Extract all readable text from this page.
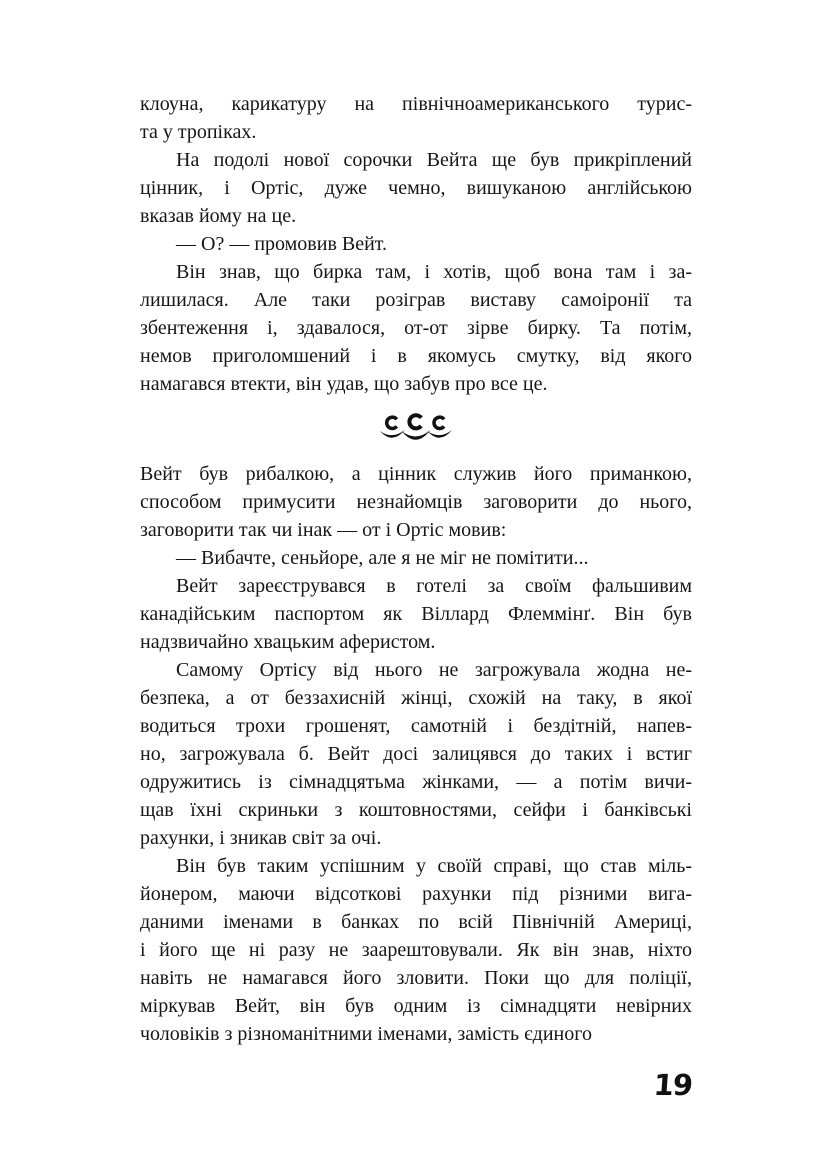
клоуна, карикатуру на північноамериканського турис-
та у тропіках.
На подолі нової сорочки Вейта ще був прикріплений
цінник, і Ортіс, дуже чемно, вишуканою англійською
вказав йому на це.
— О? — промовив Вейт.
Він знав, що бирка там, і хотів, щоб вона там і за-
лишилася. Але таки розіграв виставу самоіронії та
збентеження і, здавалося, от-от зірве бирку. Та потім,
немов приголомшений і в якомусь смутку, від якого
намагався втекти, він удав, що забув про все це.
Вейт був рибалкою, а цінник служив його приманкою,
способом примусити незнайомців заговорити до нього,
заговорити так чи інак — от і Ортіс мовив:
— Вибачте, сеньйоре, але я не міг не помітити...
Вейт зареєструвався в готелі за своїм фальшивим
канадійським паспортом як Віллард Флеммінґ. Він був
надзвичайно хвацьким аферистом.
Самому Ортісу від нього не загрожувала жодна не-
безпека, а от беззахисній жінці, схожій на таку, в якої
водиться трохи грошенят, самотній і бездітній, напев-
но, загрожувала б. Вейт досі залицявся до таких і встиг
одружитись із сімнадцятьма жінками, — а потім вичи-
щав їхні скриньки з коштовностями, сейфи і банківські
рахунки, і зникав світ за очі.
Він був таким успішним у своїй справі, що став міль-
йонером, маючи відсоткові рахунки під різними вига-
даними іменами в банках по всій Північній Америці,
і його ще ні разу не заарештовували. Як він знав, ніхто
навіть не намагався його зловити. Поки що для поліції,
міркував Вейт, він був одним із сімнадцяти невірних
чоловіків з різноманітними іменами, замість єдиного
19
